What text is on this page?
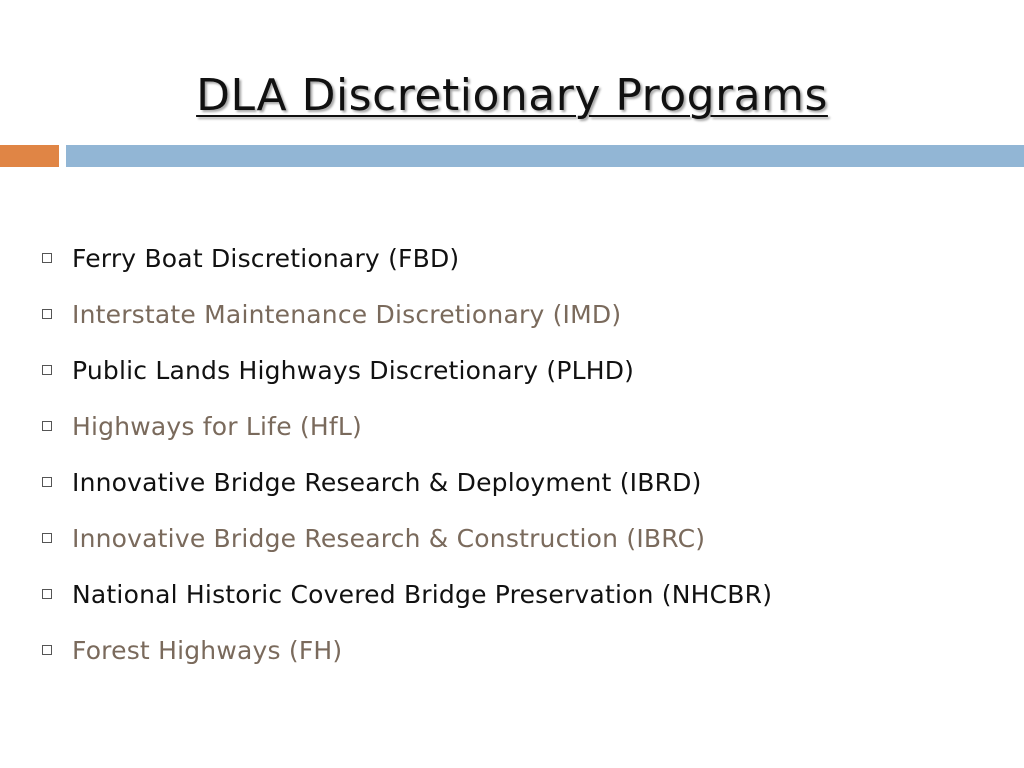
DLA Discretionary Programs
Ferry Boat Discretionary (FBD)
Interstate Maintenance Discretionary (IMD)
Public Lands Highways Discretionary (PLHD)
Highways for Life (HfL)
Innovative Bridge Research & Deployment (IBRD)
Innovative Bridge Research & Construction (IBRC)
National Historic Covered Bridge Preservation (NHCBR)
Forest Highways (FH)
